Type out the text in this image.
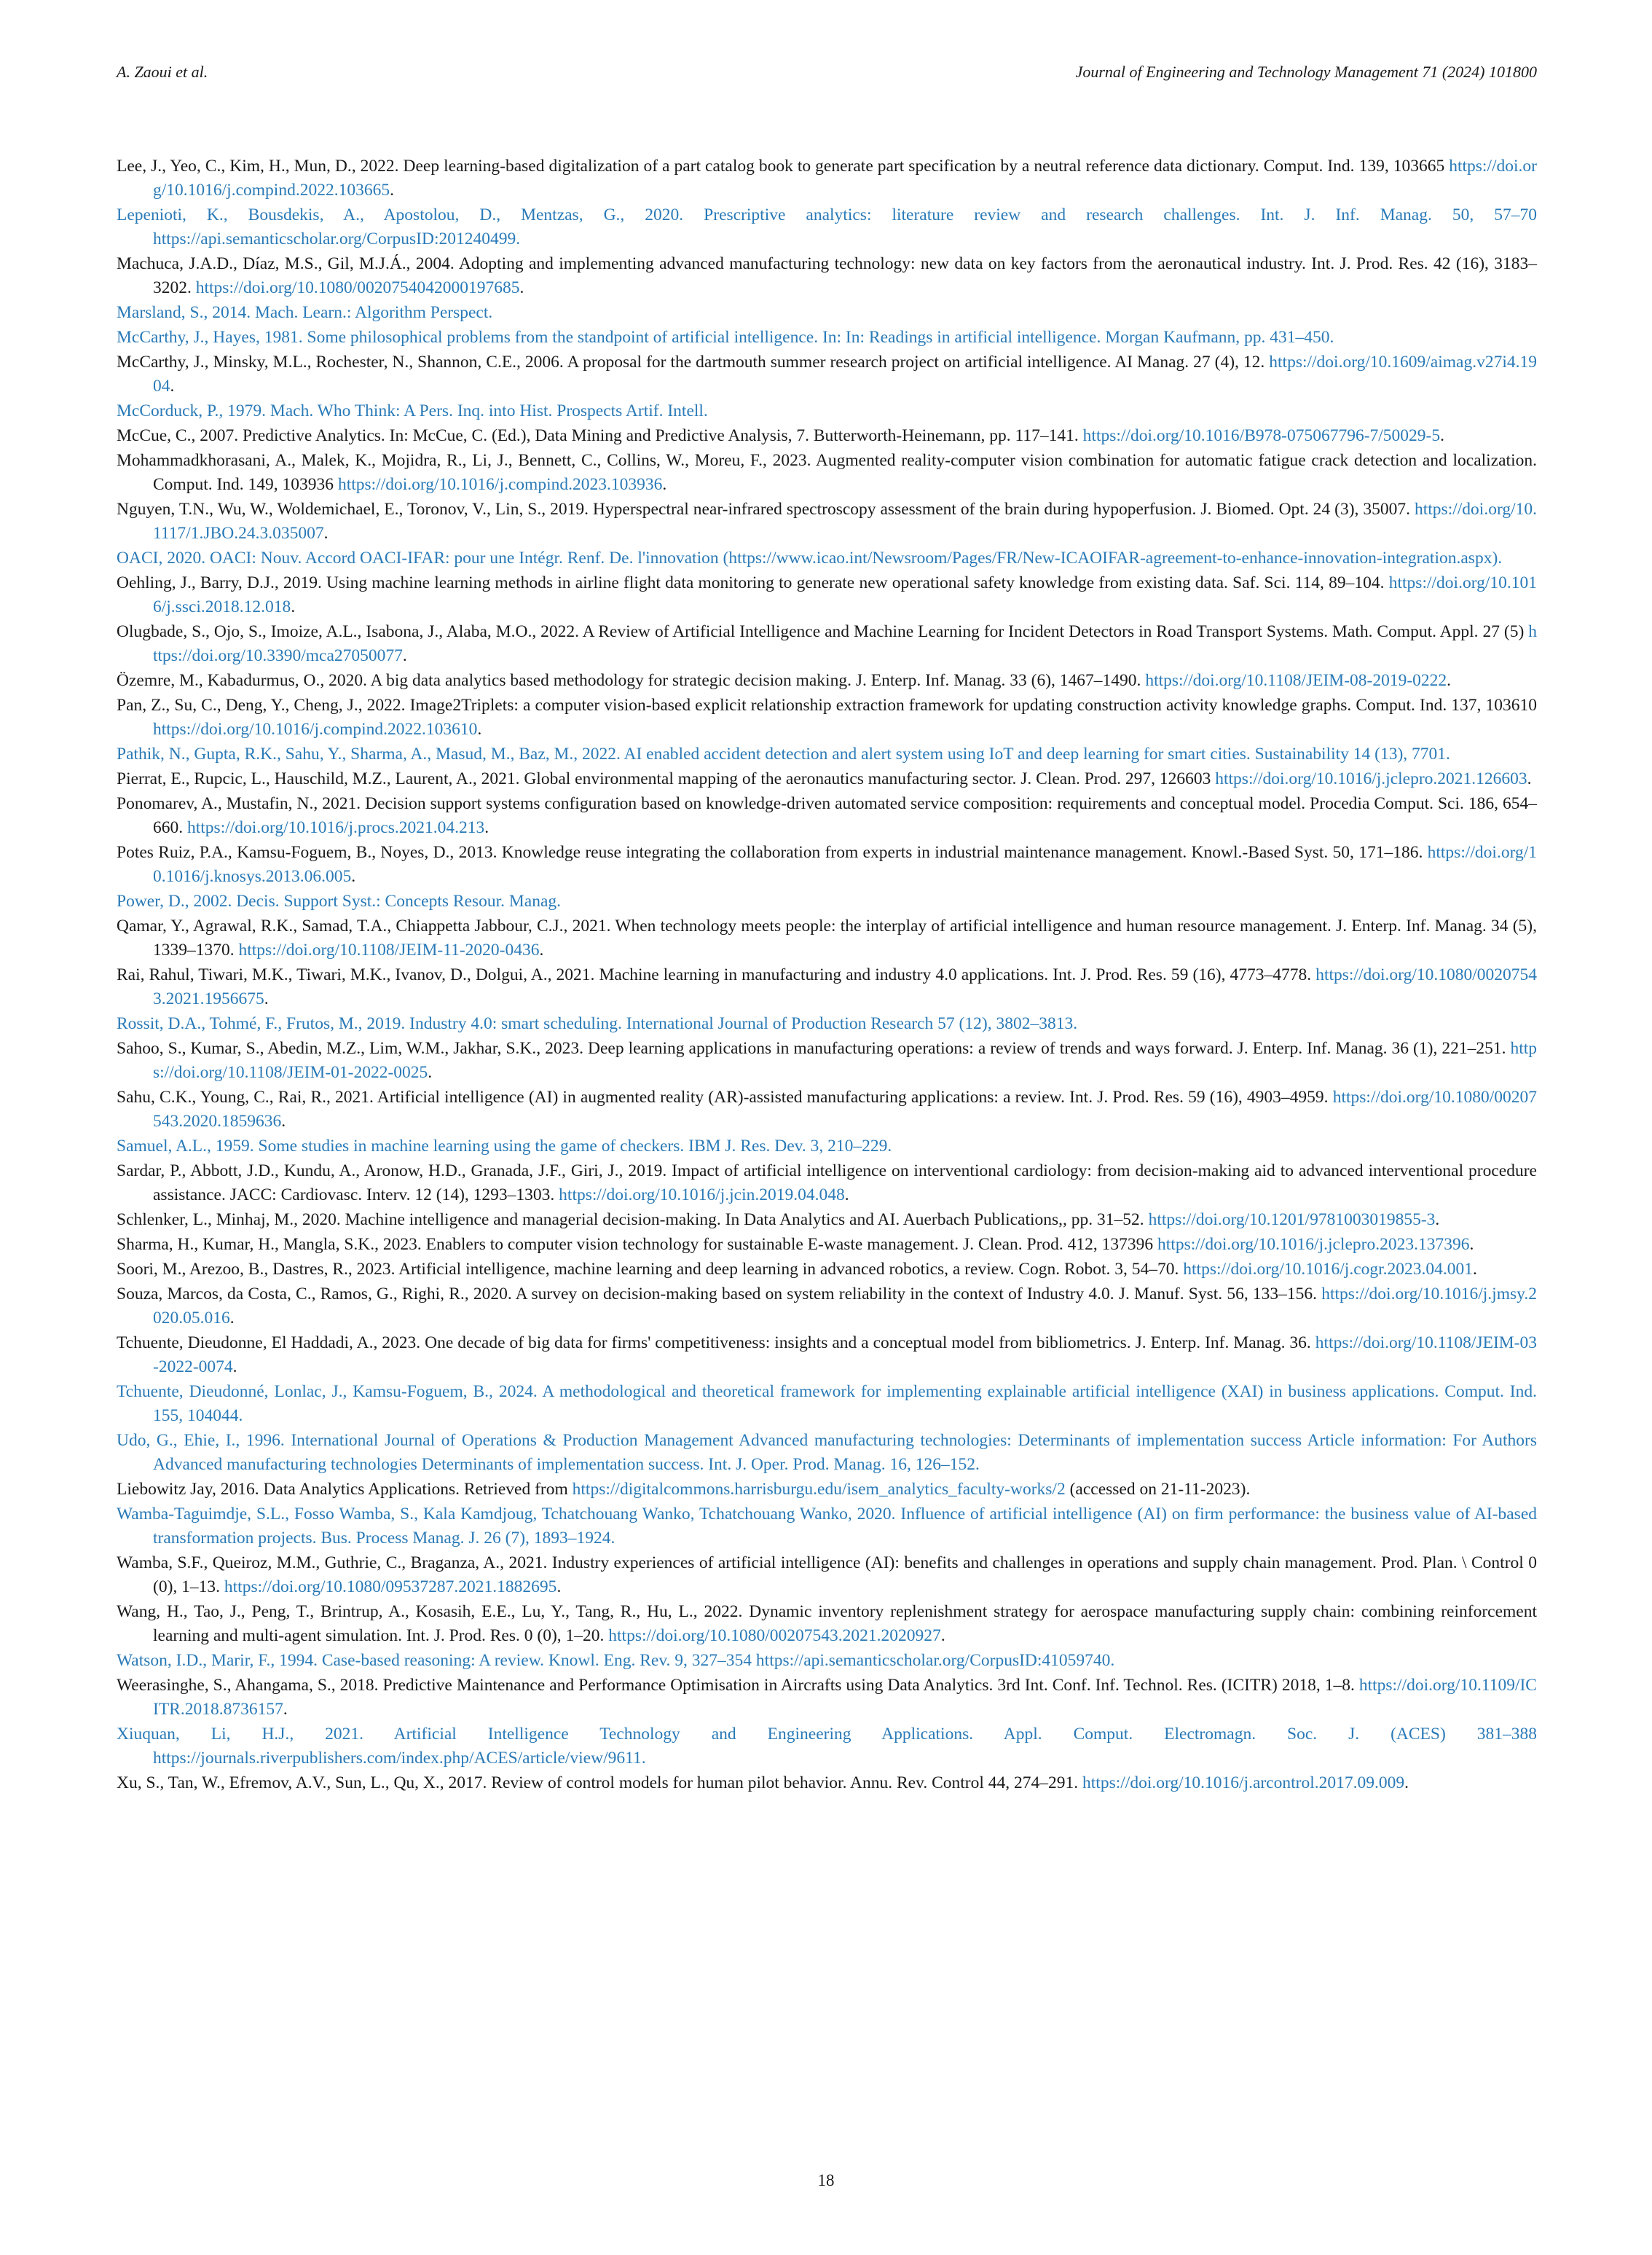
A. Zaoui et al.	Journal of Engineering and Technology Management 71 (2024) 101800

Lee, J., Yeo, C., Kim, H., Mun, D., 2022. Deep learning-based digitalization of a part catalog book to generate part specification by a neutral reference data dictionary. Comput. Ind. 139, 103665 https://doi.org/10.1016/j.compind.2022.103665.

Lepenioti, K., Bousdekis, A., Apostolou, D., Mentzas, G., 2020. Prescriptive analytics: literature review and research challenges. Int. J. Inf. Manag. 50, 57–70 https://api.semanticscholar.org/CorpusID:201240499.

Machuca, J.A.D., Díaz, M.S., Gil, M.J.Á., 2004. Adopting and implementing advanced manufacturing technology: new data on key factors from the aeronautical industry. Int. J. Prod. Res. 42 (16), 3183–3202. https://doi.org/10.1080/0020754042000197685.

Marsland, S., 2014. Mach. Learn.: Algorithm Perspect.

McCarthy, J., Hayes, 1981. Some philosophical problems from the standpoint of artificial intelligence. In: In: Readings in artificial intelligence. Morgan Kaufmann, pp. 431–450.

McCarthy, J., Minsky, M.L., Rochester, N., Shannon, C.E., 2006. A proposal for the dartmouth summer research project on artificial intelligence. AI Manag. 27 (4), 12. https://doi.org/10.1609/aimag.v27i4.1904.

McCorduck, P., 1979. Mach. Who Think: A Pers. Inq. into Hist. Prospects Artif. Intell.

McCue, C., 2007. Predictive Analytics. In: McCue, C. (Ed.), Data Mining and Predictive Analysis, 7. Butterworth-Heinemann, pp. 117–141. https://doi.org/10.1016/B978-075067796-7/50029-5.

Mohammadkhorasani, A., Malek, K., Mojidra, R., Li, J., Bennett, C., Collins, W., Moreu, F., 2023. Augmented reality-computer vision combination for automatic fatigue crack detection and localization. Comput. Ind. 149, 103936 https://doi.org/10.1016/j.compind.2023.103936.

Nguyen, T.N., Wu, W., Woldemichael, E., Toronov, V., Lin, S., 2019. Hyperspectral near-infrared spectroscopy assessment of the brain during hypoperfusion. J. Biomed. Opt. 24 (3), 35007. https://doi.org/10.1117/1.JBO.24.3.035007.

OACI, 2020. OACI: Nouv. Accord OACI-IFAR: pour une Intégr. Renf. De. l'innovation (https://www.icao.int/Newsroom/Pages/FR/New-ICAOIFAR-agreement-to-enhance-innovation-integration.aspx).

Oehling, J., Barry, D.J., 2019. Using machine learning methods in airline flight data monitoring to generate new operational safety knowledge from existing data. Saf. Sci. 114, 89–104. https://doi.org/10.1016/j.ssci.2018.12.018.

Olugbade, S., Ojo, S., Imoize, A.L., Isabona, J., Alaba, M.O., 2022. A Review of Artificial Intelligence and Machine Learning for Incident Detectors in Road Transport Systems. Math. Comput. Appl. 27 (5) https://doi.org/10.3390/mca27050077.

Özemre, M., Kabadurmus, O., 2020. A big data analytics based methodology for strategic decision making. J. Enterp. Inf. Manag. 33 (6), 1467–1490. https://doi.org/10.1108/JEIM-08-2019-0222.

Pan, Z., Su, C., Deng, Y., Cheng, J., 2022. Image2Triplets: a computer vision-based explicit relationship extraction framework for updating construction activity knowledge graphs. Comput. Ind. 137, 103610 https://doi.org/10.1016/j.compind.2022.103610.

Pathik, N., Gupta, R.K., Sahu, Y., Sharma, A., Masud, M., Baz, M., 2022. AI enabled accident detection and alert system using IoT and deep learning for smart cities. Sustainability 14 (13), 7701.

Pierrat, E., Rupcic, L., Hauschild, M.Z., Laurent, A., 2021. Global environmental mapping of the aeronautics manufacturing sector. J. Clean. Prod. 297, 126603 https://doi.org/10.1016/j.jclepro.2021.126603.

Ponomarev, A., Mustafin, N., 2021. Decision support systems configuration based on knowledge-driven automated service composition: requirements and conceptual model. Procedia Comput. Sci. 186, 654–660. https://doi.org/10.1016/j.procs.2021.04.213.

Potes Ruiz, P.A., Kamsu-Foguem, B., Noyes, D., 2013. Knowledge reuse integrating the collaboration from experts in industrial maintenance management. Knowl.-Based Syst. 50, 171–186. https://doi.org/10.1016/j.knosys.2013.06.005.

Power, D., 2002. Decis. Support Syst.: Concepts Resour. Manag.

Qamar, Y., Agrawal, R.K., Samad, T.A., Chiappetta Jabbour, C.J., 2021. When technology meets people: the interplay of artificial intelligence and human resource management. J. Enterp. Inf. Manag. 34 (5), 1339–1370. https://doi.org/10.1108/JEIM-11-2020-0436.

Rai, Rahul, Tiwari, M.K., Tiwari, M.K., Ivanov, D., Dolgui, A., 2021. Machine learning in manufacturing and industry 4.0 applications. Int. J. Prod. Res. 59 (16), 4773–4778. https://doi.org/10.1080/00207543.2021.1956675.

Rossit, D.A., Tohmé, F., Frutos, M., 2019. Industry 4.0: smart scheduling. International Journal of Production Research 57 (12), 3802–3813.

Sahoo, S., Kumar, S., Abedin, M.Z., Lim, W.M., Jakhar, S.K., 2023. Deep learning applications in manufacturing operations: a review of trends and ways forward. J. Enterp. Inf. Manag. 36 (1), 221–251. https://doi.org/10.1108/JEIM-01-2022-0025.

Sahu, C.K., Young, C., Rai, R., 2021. Artificial intelligence (AI) in augmented reality (AR)-assisted manufacturing applications: a review. Int. J. Prod. Res. 59 (16), 4903–4959. https://doi.org/10.1080/00207543.2020.1859636.

Samuel, A.L., 1959. Some studies in machine learning using the game of checkers. IBM J. Res. Dev. 3, 210–229.

Sardar, P., Abbott, J.D., Kundu, A., Aronow, H.D., Granada, J.F., Giri, J., 2019. Impact of artificial intelligence on interventional cardiology: from decision-making aid to advanced interventional procedure assistance. JACC: Cardiovasc. Interv. 12 (14), 1293–1303. https://doi.org/10.1016/j.jcin.2019.04.048.

Schlenker, L., Minhaj, M., 2020. Machine intelligence and managerial decision-making. In Data Analytics and AI. Auerbach Publications,, pp. 31–52. https://doi.org/10.1201/9781003019855-3.

Sharma, H., Kumar, H., Mangla, S.K., 2023. Enablers to computer vision technology for sustainable E-waste management. J. Clean. Prod. 412, 137396 https://doi.org/10.1016/j.jclepro.2023.137396.

Soori, M., Arezoo, B., Dastres, R., 2023. Artificial intelligence, machine learning and deep learning in advanced robotics, a review. Cogn. Robot. 3, 54–70. https://doi.org/10.1016/j.cogr.2023.04.001.

Souza, Marcos, da Costa, C., Ramos, G., Righi, R., 2020. A survey on decision-making based on system reliability in the context of Industry 4.0. J. Manuf. Syst. 56, 133–156. https://doi.org/10.1016/j.jmsy.2020.05.016.

Tchuente, Dieudonne, El Haddadi, A., 2023. One decade of big data for firms' competitiveness: insights and a conceptual model from bibliometrics. J. Enterp. Inf. Manag. 36. https://doi.org/10.1108/JEIM-03-2022-0074.

Tchuente, Dieudonné, Lonlac, J., Kamsu-Foguem, B., 2024. A methodological and theoretical framework for implementing explainable artificial intelligence (XAI) in business applications. Comput. Ind. 155, 104044.

Udo, G., Ehie, I., 1996. International Journal of Operations & Production Management Advanced manufacturing technologies: Determinants of implementation success Article information: For Authors Advanced manufacturing technologies Determinants of implementation success. Int. J. Oper. Prod. Manag. 16, 126–152.

Liebowitz Jay, 2016. Data Analytics Applications. Retrieved from https://digitalcommons.harrisburgu.edu/isem_analytics_faculty-works/2 (accessed on 21-11-2023).

Wamba-Taguimdje, S.L., Fosso Wamba, S., Kala Kamdjoug, Tchatchouang Wanko, Tchatchouang Wanko, 2020. Influence of artificial intelligence (AI) on firm performance: the business value of AI-based transformation projects. Bus. Process Manag. J. 26 (7), 1893–1924.

Wamba, S.F., Queiroz, M.M., Guthrie, C., Braganza, A., 2021. Industry experiences of artificial intelligence (AI): benefits and challenges in operations and supply chain management. Prod. Plan. \ Control 0 (0), 1–13. https://doi.org/10.1080/09537287.2021.1882695.

Wang, H., Tao, J., Peng, T., Brintrup, A., Kosasih, E.E., Lu, Y., Tang, R., Hu, L., 2022. Dynamic inventory replenishment strategy for aerospace manufacturing supply chain: combining reinforcement learning and multi-agent simulation. Int. J. Prod. Res. 0 (0), 1–20. https://doi.org/10.1080/00207543.2021.2020927.

Watson, I.D., Marir, F., 1994. Case-based reasoning: A review. Knowl. Eng. Rev. 9, 327–354 https://api.semanticscholar.org/CorpusID:41059740.

Weerasinghe, S., Ahangama, S., 2018. Predictive Maintenance and Performance Optimisation in Aircrafts using Data Analytics. 3rd Int. Conf. Inf. Technol. Res. (ICITR) 2018, 1–8. https://doi.org/10.1109/ICITR.2018.8736157.

Xiuquan, Li, H.J., 2021. Artificial Intelligence Technology and Engineering Applications. Appl. Comput. Electromagn. Soc. J. (ACES) 381–388 https://journals.riverpublishers.com/index.php/ACES/article/view/9611.

Xu, S., Tan, W., Efremov, A.V., Sun, L., Qu, X., 2017. Review of control models for human pilot behavior. Annu. Rev. Control 44, 274–291. https://doi.org/10.1016/j.arcontrol.2017.09.009.

18
